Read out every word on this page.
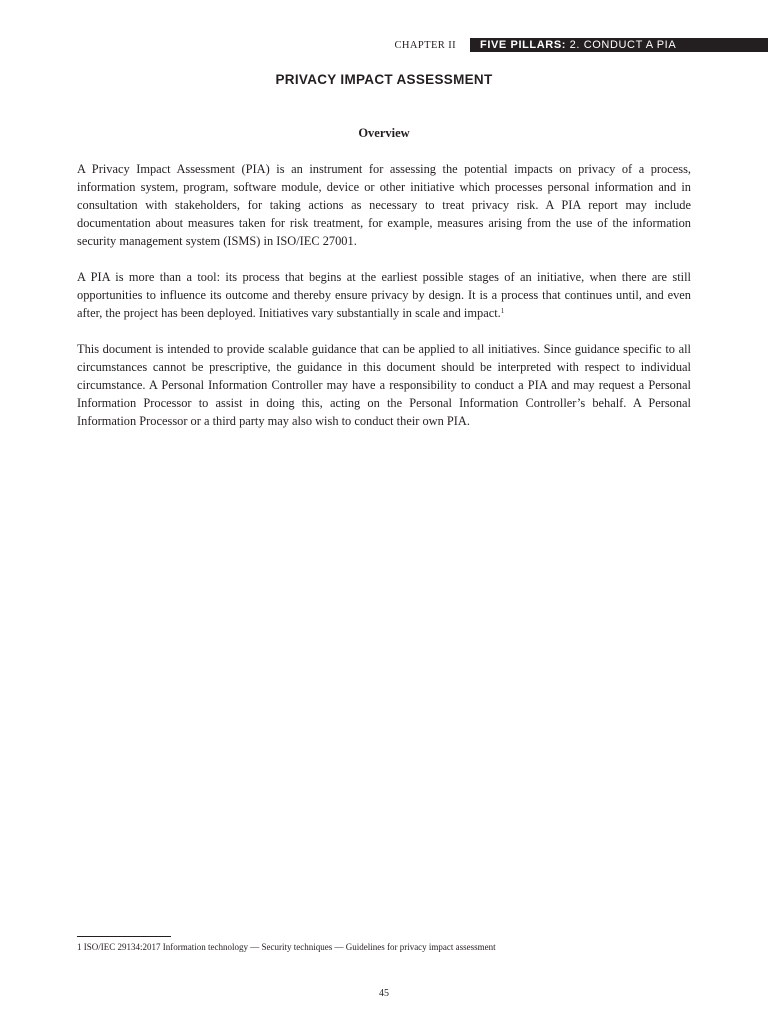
CHAPTER II	FIVE PILLARS: 2. CONDUCT A PIA
PRIVACY IMPACT ASSESSMENT
Overview

A Privacy Impact Assessment (PIA) is an instrument for assessing the potential impacts on privacy of a process, information system, program, software module, device or other initiative which processes personal information and in consultation with stakeholders, for taking actions as necessary to treat privacy risk. A PIA report may include documentation about measures taken for risk treatment, for example, measures arising from the use of the information security management system (ISMS) in ISO/IEC 27001.

A PIA is more than a tool: its process that begins at the earliest possible stages of an initiative, when there are still opportunities to influence its outcome and thereby ensure privacy by design. It is a process that continues until, and even after, the project has been deployed. Initiatives vary substantially in scale and impact.$^1$

This document is intended to provide scalable guidance that can be applied to all initiatives. Since guidance specific to all circumstances cannot be prescriptive, the guidance in this document should be interpreted with respect to individual circumstance. A Personal Information Controller may have a responsibility to conduct a PIA and may request a Personal Information Processor to assist in doing this, acting on the Personal Information Controller’s behalf. A Personal Information Processor or a third party may also wish to conduct their own PIA.

1 ISO/IEC 29134:2017 Information technology — Security techniques — Guidelines for privacy impact assessment
45
